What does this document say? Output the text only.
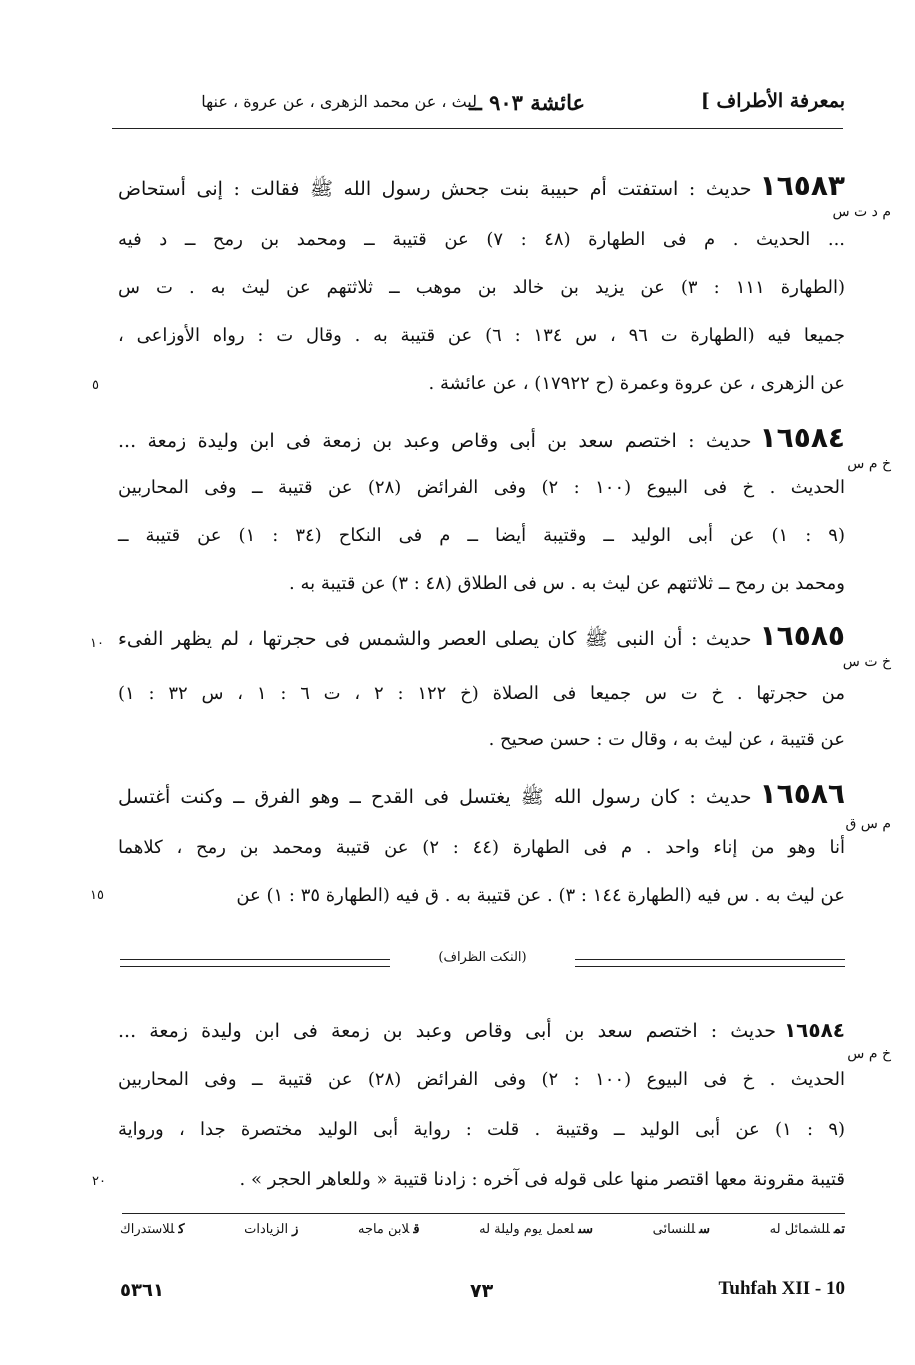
بمعرفة الأطراف ]
عائشة ٩٠٣ ــ
ليث ، عن محمد الزهرى ، عن عروة ، عنها
١٦٥٨٣حديث : استفتت أم حبيبة بنت جحش رسول الله ﷺ فقالت : إنى أستحاض
م د ت س
... الحديث . م فى الطهارة (٤٨ : ٧) عن قتيبة ــ ومحمد بن رمح ــ د فيه
(الطهارة ١١١ : ٣) عن يزيد بن خالد بن موهب ــ ثلاثتهم عن ليث به . ت س
جميعا فيه (الطهارة ت ٩٦ ، س ١٣٤ : ٦) عن قتيبة به . وقال ت : رواه الأوزاعى ،
عن الزهرى ، عن عروة وعمرة (ح ١٧٩٢٢) ، عن عائشة .
٥
١٦٥٨٤حديث : اختصم سعد بن أبى وقاص وعبد بن زمعة فى ابن وليدة زمعة ...
خ م س
الحديث . خ فى البيوع (١٠٠ : ٢) وفى الفرائض (٢٨) عن قتيبة ــ وفى المحاربين
(٩ : ١) عن أبى الوليد ــ وقتيبة أيضا ــ م فى النكاح (٣٤ : ١) عن قتيبة ــ
ومحمد بن رمح ــ ثلاثتهم عن ليث به . س فى الطلاق (٤٨ : ٣) عن قتيبة به .
١٦٥٨٥حديث : أن النبى ﷺ كان يصلى العصر والشمس فى حجرتها ، لم يظهر الفىء
خ ت س
من حجرتها . خ ت س جميعا فى الصلاة (خ ١٢٢ : ٢ ، ت ٦ : ١ ، س ٣٢ : ١)
عن قتيبة ، عن ليث به ، وقال ت : حسن صحيح .
١٠
١٦٥٨٦حديث : كان رسول الله ﷺ يغتسل فى القدح ــ وهو الفرق ــ وكنت أغتسل
م س ق
أنا وهو من إناء واحد . م فى الطهارة (٤٤ : ٢) عن قتيبة ومحمد بن رمح ، كلاهما
عن ليث به . س فيه (الطهارة ١٤٤ : ٣) . عن قتيبة به . ق فيه (الطهارة ٣٥ : ١) عن
١٥
(النكت الظراف)
١٦٥٨٤حديث : اختصم سعد بن أبى وقاص وعبد بن زمعة فى ابن وليدة زمعة ...
خ م س
الحديث . خ فى البيوع (١٠٠ : ٢) وفى الفرائض (٢٨) عن قتيبة ــ وفى المحاربين
(٩ : ١) عن أبى الوليد ــ وقتيبة . قلت : رواية أبى الوليد مختصرة جدا ، ورواية
قتيبة مقرونة معها اقتصر منها على قوله فى آخره : زادنا قتيبة « وللعاهر الحجر » .
٢٠
تمللشمائل له
سللنسائى
سىلعمل يوم وليلة له
قلابن ماجه
زالزيادات
كللاستدراك
٥٣٦١	٧٣	Tuhfah XII - 10
